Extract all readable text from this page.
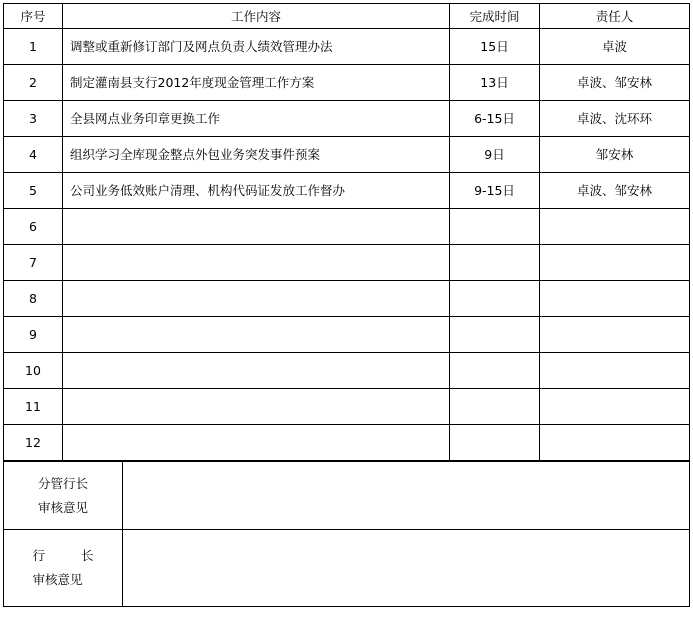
序号	工作内容	完成时间	责任人
1	调整或重新修订部门及网点负责人绩效管理办法	15日	卓波
2	制定灌南县支行2012年度现金管理工作方案	13日	卓波、邹安林
3	全县网点业务印章更换工作	6-15日	卓波、沈环环
4	组织学习全库现金整点外包业务突发事件预案	9日	邹安林
5	公司业务低效账户清理、机构代码证发放工作督办	9-15日	卓波、邹安林
6			
7			
8			
9			
10			
11			
12			
分管行长
审核意见	
行 长
审核意见	
